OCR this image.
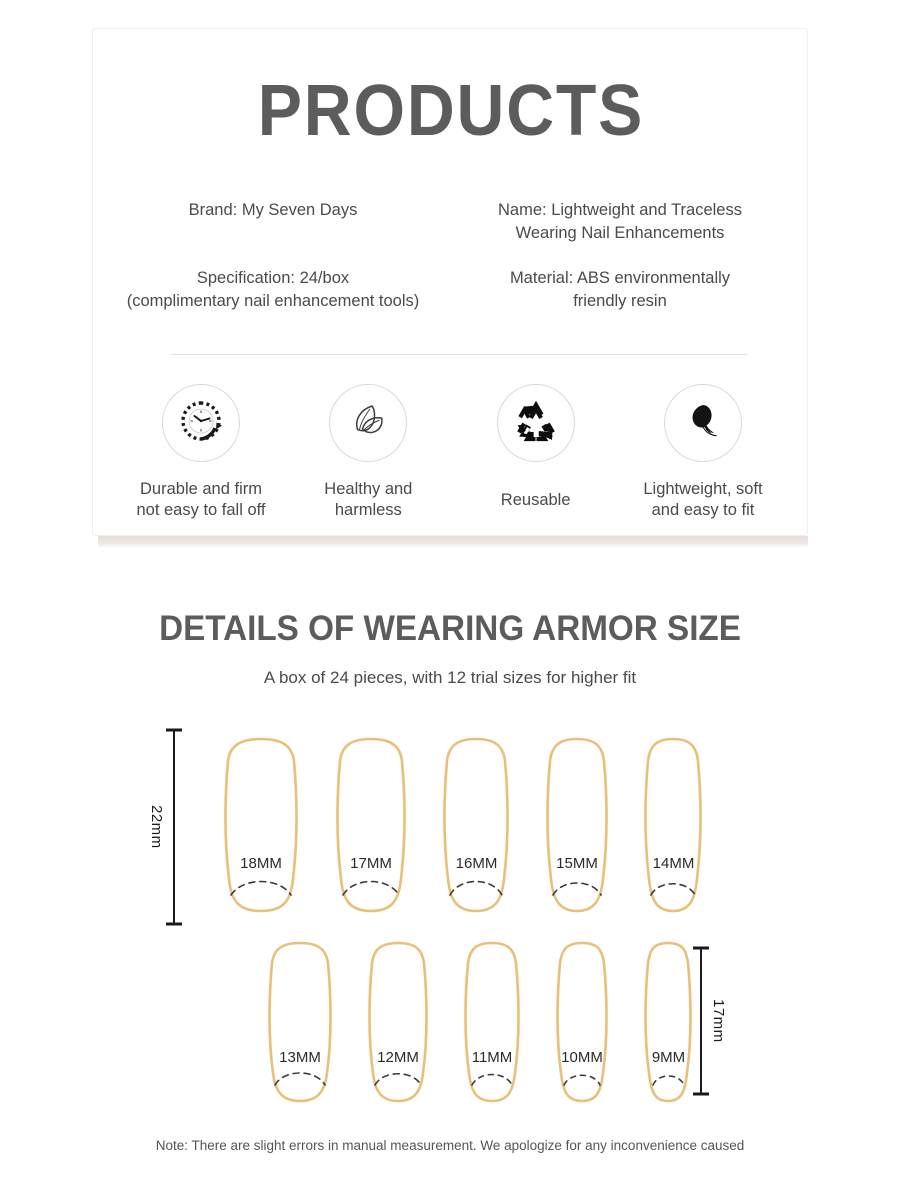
PRODUCTS
Brand: My Seven Days	Name: Lightweight and Traceless
Wearing Nail Enhancements
Specification: 24/box
(complimentary nail enhancement tools)
Material: ABS environmentally
friendly resin
Durable and firm
not easy to fall off
Healthy and
harmless
Reusable
Lightweight, soft
and easy to fit
DETAILS OF WEARING ARMOR SIZE
A box of 24 pieces, with 12 trial sizes for higher fit
22mm
18MM	17MM	16MM	15MM	14MM
13MM	12MM	11MM	10MM	9MM
17mm
Note: There are slight errors in manual measurement. We apologize for any inconvenience caused
